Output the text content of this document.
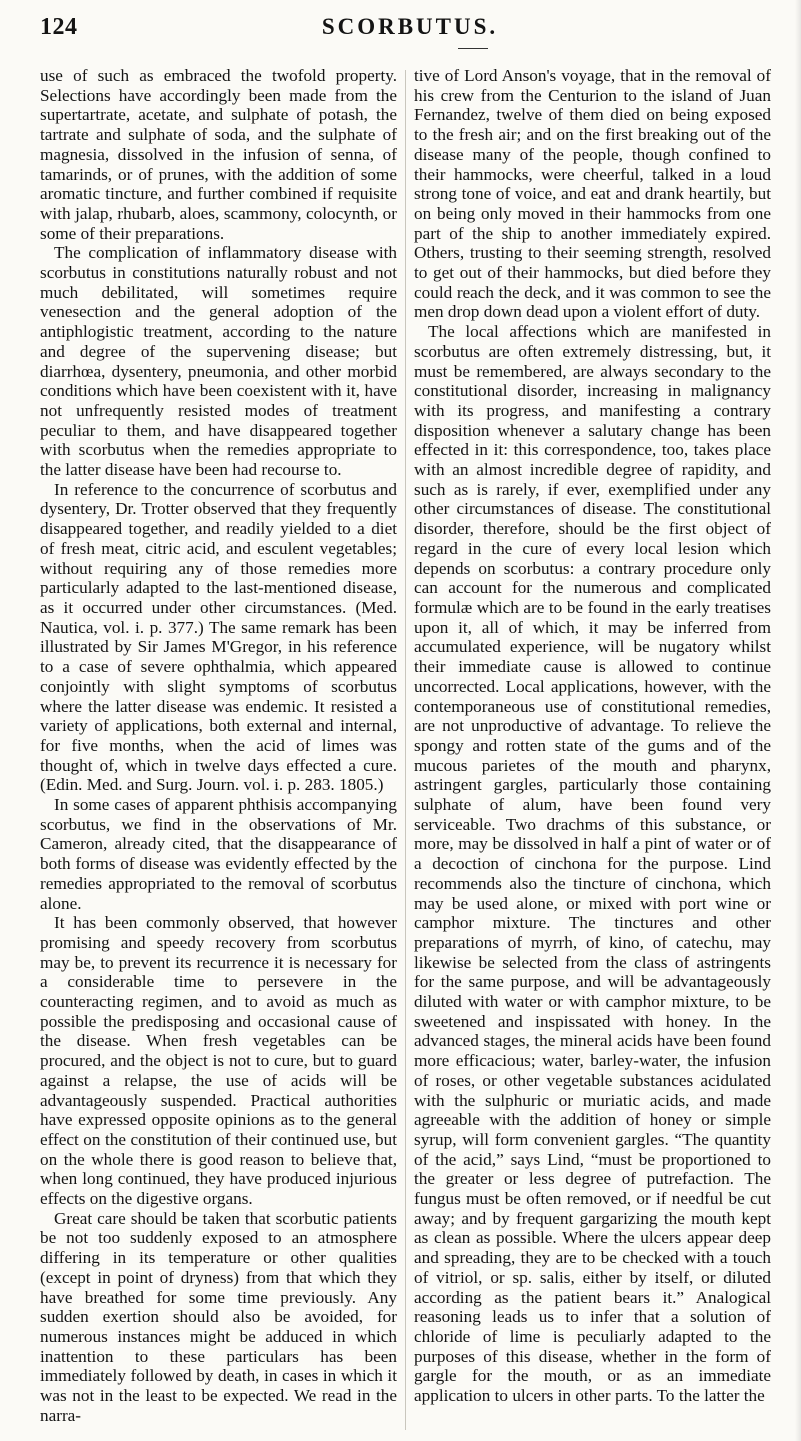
124	SCORBUTUS.

use of such as embraced the twofold property. Selections have accordingly been made from the supertartrate, acetate, and sulphate of potash, the tartrate and sulphate of soda, and the sulphate of magnesia, dissolved in the infusion of senna, of tamarinds, or of prunes, with the addition of some aromatic tincture, and further combined if requisite with jalap, rhubarb, aloes, scammony, colocynth, or some of their preparations.

The complication of inflammatory disease with scorbutus in constitutions naturally robust and not much debilitated, will sometimes require venesection and the general adoption of the antiphlogistic treatment, according to the nature and degree of the supervening disease; but diarrhœa, dysentery, pneumonia, and other morbid conditions which have been coexistent with it, have not unfrequently resisted modes of treatment peculiar to them, and have disappeared together with scorbutus when the remedies appropriate to the latter disease have been had recourse to.

In reference to the concurrence of scorbutus and dysentery, Dr. Trotter observed that they frequently disappeared together, and readily yielded to a diet of fresh meat, citric acid, and esculent vegetables; without requiring any of those remedies more particularly adapted to the last-mentioned disease, as it occurred under other circumstances. (Med. Nautica, vol. i. p. 377.) The same remark has been illustrated by Sir James M'Gregor, in his reference to a case of severe ophthalmia, which appeared conjointly with slight symptoms of scorbutus where the latter disease was endemic. It resisted a variety of applications, both external and internal, for five months, when the acid of limes was thought of, which in twelve days effected a cure. (Edin. Med. and Surg. Journ. vol. i. p. 283. 1805.)

In some cases of apparent phthisis accompanying scorbutus, we find in the observations of Mr. Cameron, already cited, that the disappearance of both forms of disease was evidently effected by the remedies appropriated to the removal of scorbutus alone.

It has been commonly observed, that however promising and speedy recovery from scorbutus may be, to prevent its recurrence it is necessary for a considerable time to persevere in the counteracting regimen, and to avoid as much as possible the predisposing and occasional cause of the disease. When fresh vegetables can be procured, and the object is not to cure, but to guard against a relapse, the use of acids will be advantageously suspended. Practical authorities have expressed opposite opinions as to the general effect on the constitution of their continued use, but on the whole there is good reason to believe that, when long continued, they have produced injurious effects on the digestive organs.

Great care should be taken that scorbutic patients be not too suddenly exposed to an atmosphere differing in its temperature or other qualities (except in point of dryness) from that which they have breathed for some time previously. Any sudden exertion should also be avoided, for numerous instances might be adduced in which inattention to these particulars has been immediately followed by death, in cases in which it was not in the least to be expected. We read in the narra-

tive of Lord Anson's voyage, that in the removal of his crew from the Centurion to the island of Juan Fernandez, twelve of them died on being exposed to the fresh air; and on the first breaking out of the disease many of the people, though confined to their hammocks, were cheerful, talked in a loud strong tone of voice, and eat and drank heartily, but on being only moved in their hammocks from one part of the ship to another immediately expired. Others, trusting to their seeming strength, resolved to get out of their hammocks, but died before they could reach the deck, and it was common to see the men drop down dead upon a violent effort of duty.

The local affections which are manifested in scorbutus are often extremely distressing, but, it must be remembered, are always secondary to the constitutional disorder, increasing in malignancy with its progress, and manifesting a contrary disposition whenever a salutary change has been effected in it: this correspondence, too, takes place with an almost incredible degree of rapidity, and such as is rarely, if ever, exemplified under any other circumstances of disease. The constitutional disorder, therefore, should be the first object of regard in the cure of every local lesion which depends on scorbutus: a contrary procedure only can account for the numerous and complicated formulæ which are to be found in the early treatises upon it, all of which, it may be inferred from accumulated experience, will be nugatory whilst their immediate cause is allowed to continue uncorrected. Local applications, however, with the contemporaneous use of constitutional remedies, are not unproductive of advantage. To relieve the spongy and rotten state of the gums and of the mucous parietes of the mouth and pharynx, astringent gargles, particularly those containing sulphate of alum, have been found very serviceable. Two drachms of this substance, or more, may be dissolved in half a pint of water or of a decoction of cinchona for the purpose. Lind recommends also the tincture of cinchona, which may be used alone, or mixed with port wine or camphor mixture. The tinctures and other preparations of myrrh, of kino, of catechu, may likewise be selected from the class of astringents for the same purpose, and will be advantageously diluted with water or with camphor mixture, to be sweetened and inspissated with honey. In the advanced stages, the mineral acids have been found more efficacious; water, barley-water, the infusion of roses, or other vegetable substances acidulated with the sulphuric or muriatic acids, and made agreeable with the addition of honey or simple syrup, will form convenient gargles. “The quantity of the acid,” says Lind, “must be proportioned to the greater or less degree of putrefaction. The fungus must be often removed, or if needful be cut away; and by frequent gargarizing the mouth kept as clean as possible. Where the ulcers appear deep and spreading, they are to be checked with a touch of vitriol, or sp. salis, either by itself, or diluted according as the patient bears it.” Analogical reasoning leads us to infer that a solution of chloride of lime is peculiarly adapted to the purposes of this disease, whether in the form of gargle for the mouth, or as an immediate application to ulcers in other parts. To the latter the
